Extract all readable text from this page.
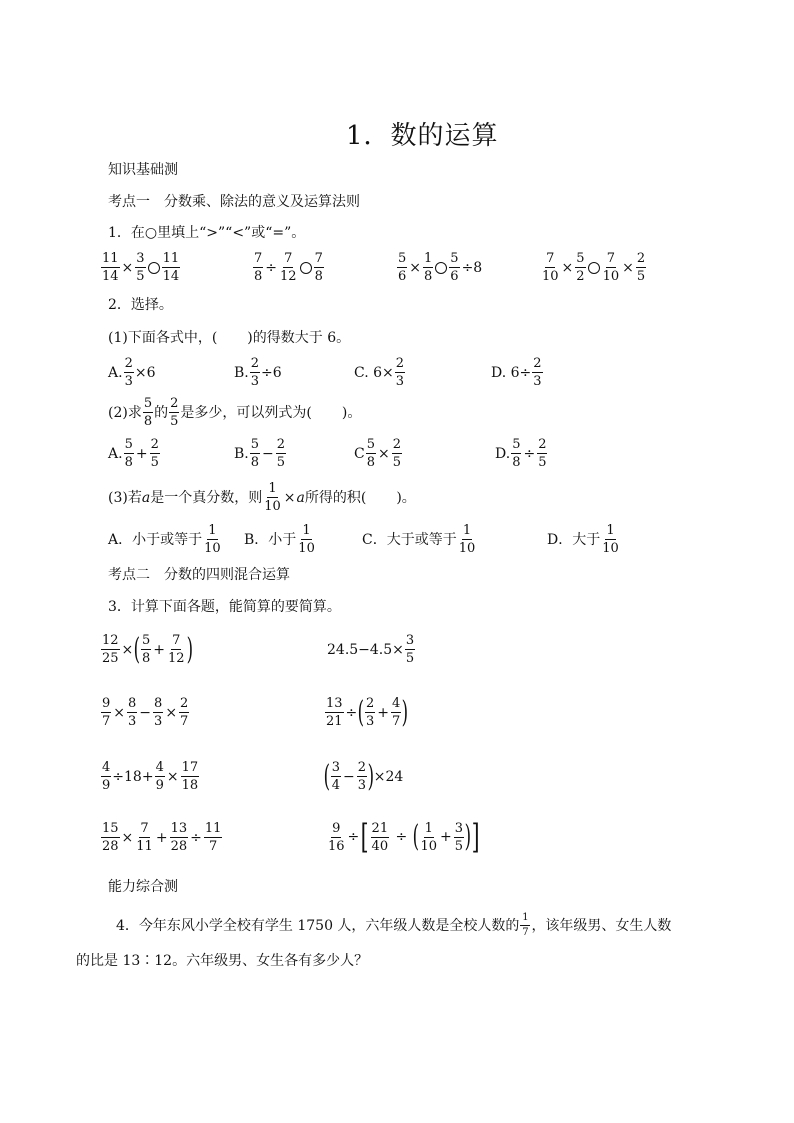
1．数的运算
知识基础测
考点一　分数乘、除法的意义及运算法则
1．在○里填上“>”“<”或“=”。
$\frac{11}{14} \times \frac{3}{5} \frac{11}{14}$	$\frac{7}{8} \div \frac{7}{12} \frac{7}{8}$	$\frac{5}{6} \times \frac{1}{8} \frac{5}{6} \div 8$	$\frac{7}{10} \times \frac{5}{2} \frac{7}{10} \times \frac{2}{5}$
2．选择。
(1)下面各式中，( )的得数大于 6。
A. $\frac{2}{3} \times 6$	B. $\frac{2}{3} \div 6$	C. $6\times \frac{2}{3}$	D. $6\div \frac{2}{3}$
(2)求 $\frac{5}{8}$ 的 $\frac{2}{5}$ 是多少，可以列式为( )。
A. $\frac{5}{8} + \frac{2}{5}$	B. $\frac{5}{8} - \frac{2}{5}$	C $\frac{5}{8} \times \frac{2}{5}$	D. $\frac{5}{8} \div \frac{2}{5}$
(3)若 a 是一个真分数，则 $\frac{1}{10} \times a$ 所得的积( )。
A．小于或等于 $\frac{1}{10}$ B．小于 $\frac{1}{10}$	C．大于或等于 $\frac{1}{10}$	D．大于 $\frac{1}{10}$
考点二　分数的四则混合运算
3．计算下面各题，能简算的要简算。
$\frac{12}{25}$ × ( $\frac{5}{8} + \frac{7}{12}$ )	$24.5-4.5\times \frac{3}{5}$
$\frac{9}{7} \times \frac{8}{3} - \frac{8}{3} \times \frac{2}{7}$	$\frac{13}{21}$ ÷ ( $\frac{2}{3} + \frac{4}{7}$ )
$\frac{4}{9} \div 18+ \frac{4}{9} \times \frac{17}{18}$	( $\frac{3}{4} - \frac{2}{3}$ ) ×24
$\frac{15}{28} \times \frac{7}{11} + \frac{13}{28} \div \frac{11}{7}$	$\frac{9}{16}$ ÷ [ $\frac{21}{40}$ ÷ ( $\frac{1}{10} + \frac{3}{5}$ ) ]
能力综合测
4．今年东风小学全校有学生 1750 人，六年级人数是全校人数的 $\frac{1}{7}$ ，该年级男、女生人数
的比是 13∶12。六年级男、女生各有多少人？
